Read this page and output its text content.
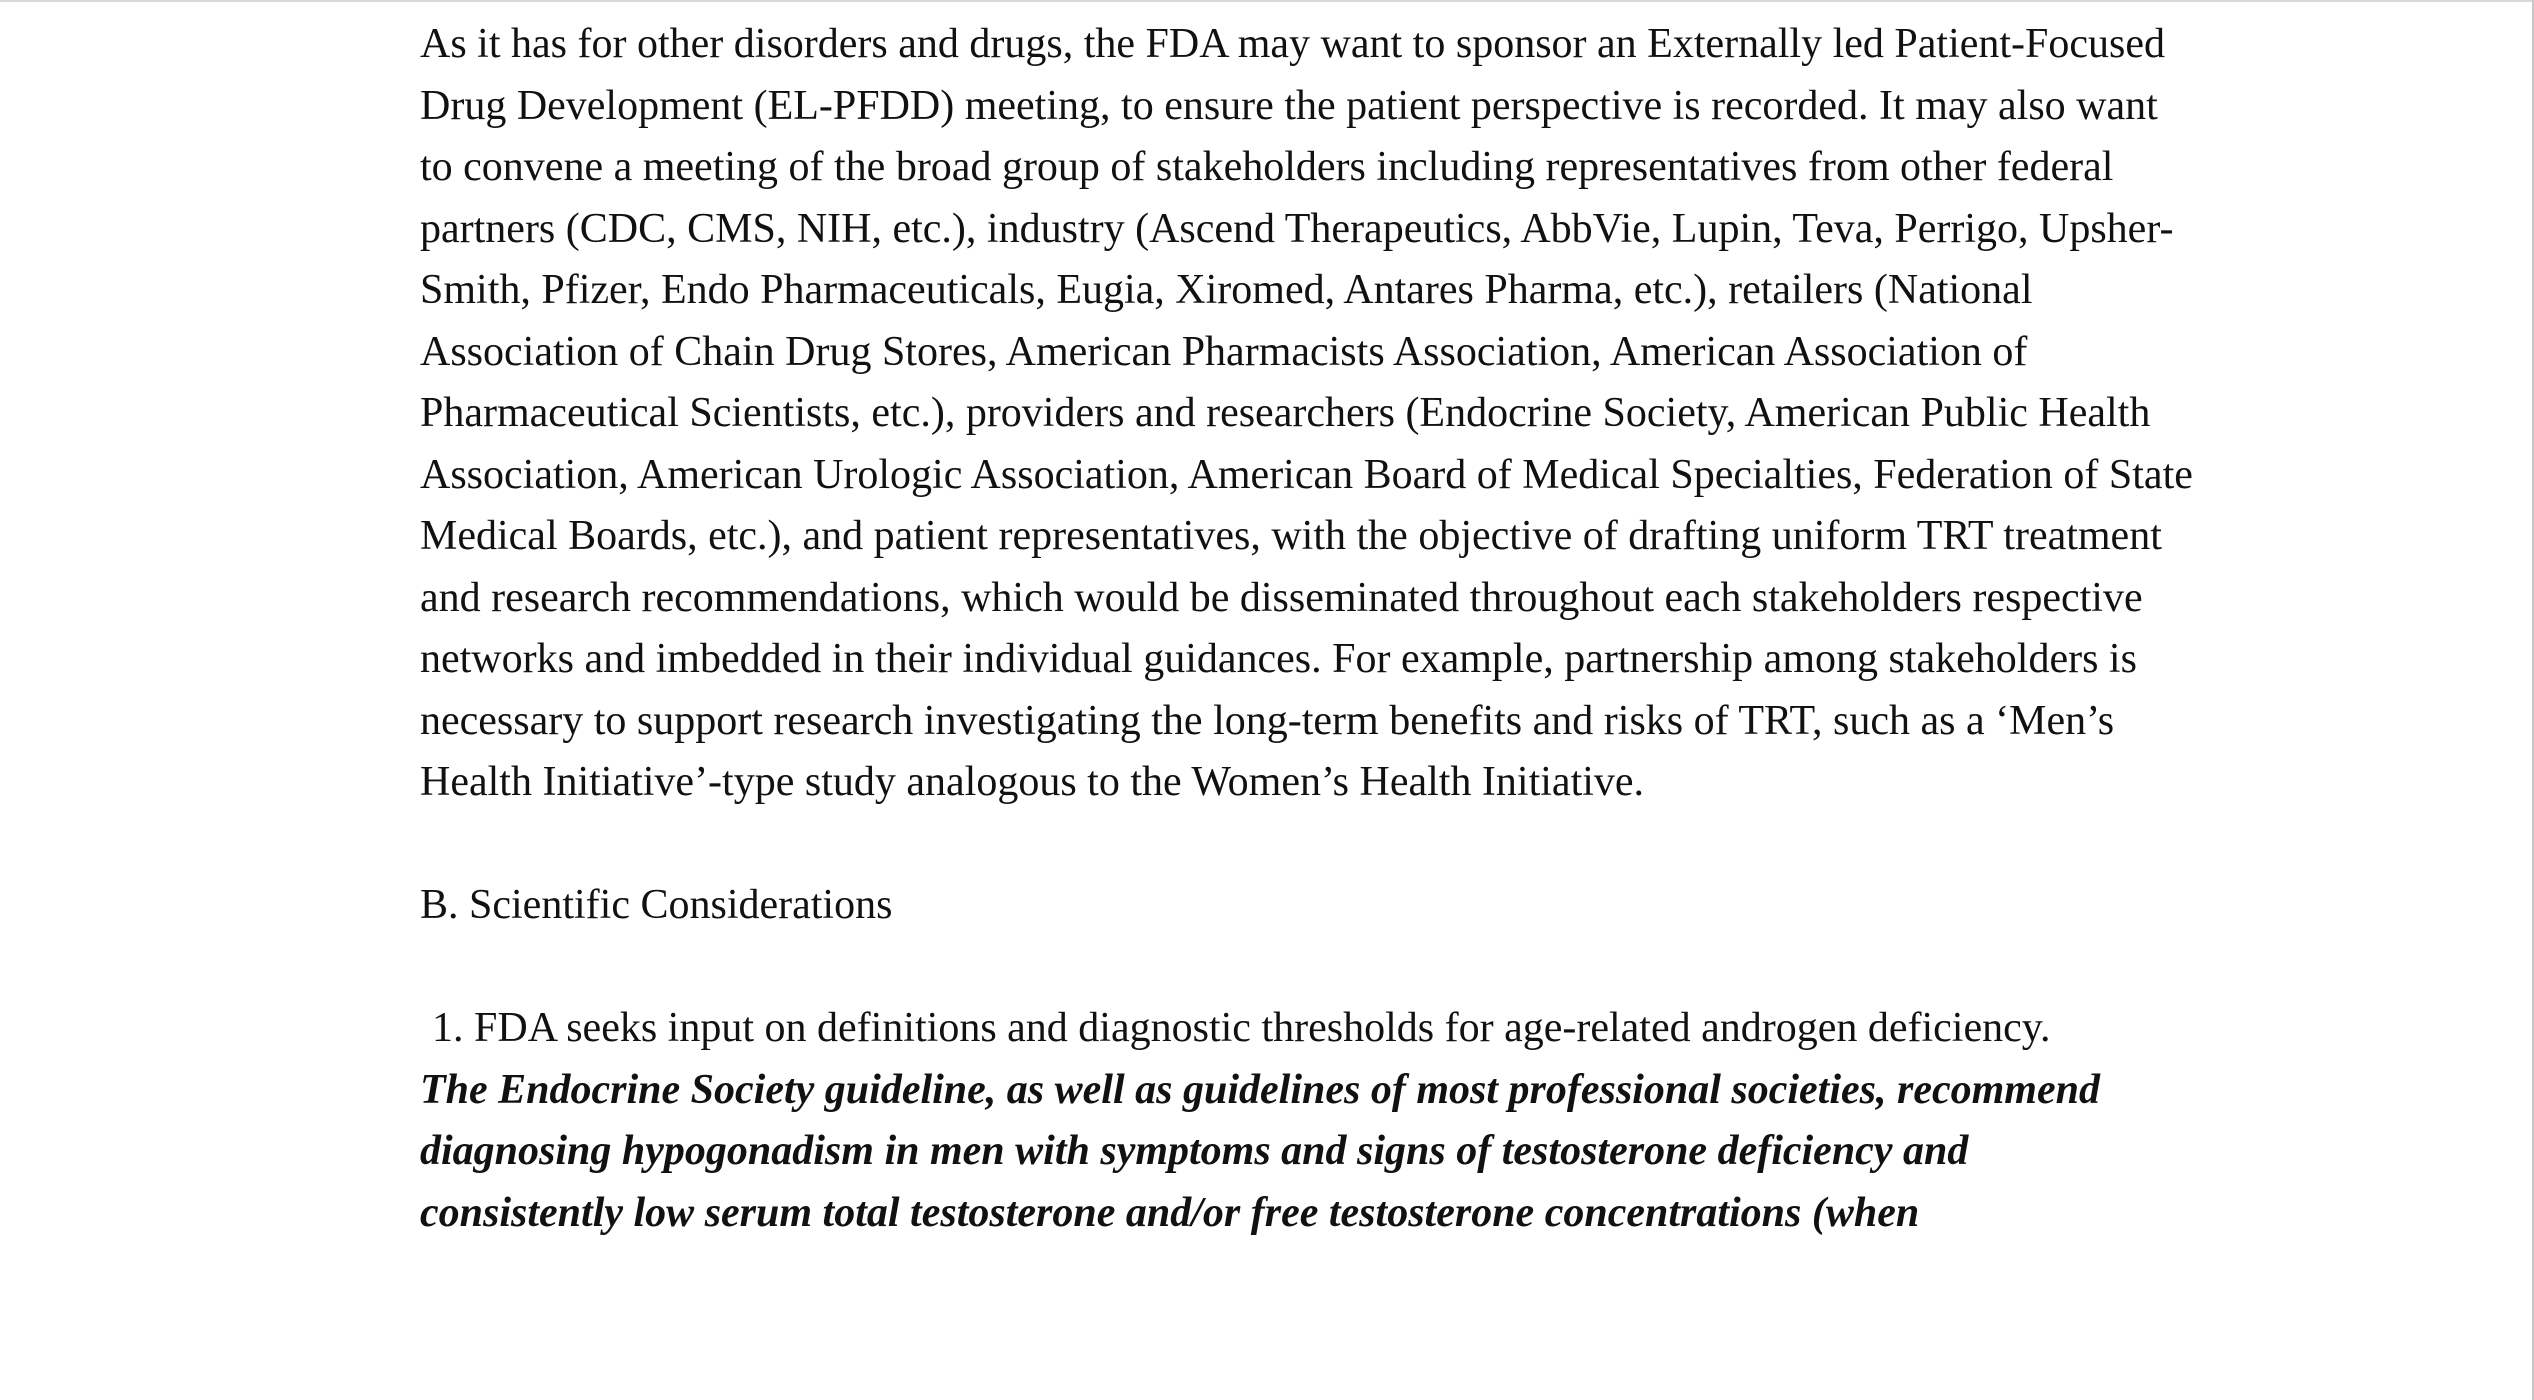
As it has for other disorders and drugs, the FDA may want to sponsor an Externally led Patient-Focused
Drug Development (EL-PFDD) meeting, to ensure the patient perspective is recorded. It may also want
to convene a meeting of the broad group of stakeholders including representatives from other federal
partners (CDC, CMS, NIH, etc.), industry (Ascend Therapeutics, AbbVie, Lupin, Teva, Perrigo, Upsher-
Smith, Pfizer, Endo Pharmaceuticals, Eugia, Xiromed, Antares Pharma, etc.), retailers (National
Association of Chain Drug Stores, American Pharmacists Association, American Association of
Pharmaceutical Scientists, etc.), providers and researchers (Endocrine Society, American Public Health
Association, American Urologic Association, American Board of Medical Specialties, Federation of State
Medical Boards, etc.), and patient representatives, with the objective of drafting uniform TRT treatment
and research recommendations, which would be disseminated throughout each stakeholders respective
networks and imbedded in their individual guidances. For example, partnership among stakeholders is
necessary to support research investigating the long-term benefits and risks of TRT, such as a ‘Men’s
Health Initiative’-type study analogous to the Women’s Health Initiative.

B. Scientific Considerations
1. FDA seeks input on definitions and diagnostic thresholds for age-related androgen deficiency.

The Endocrine Society guideline, as well as guidelines of most professional societies, recommend
diagnosing hypogonadism in men with symptoms and signs of testosterone deficiency and
consistently low serum total testosterone and/or free testosterone concentrations (when
